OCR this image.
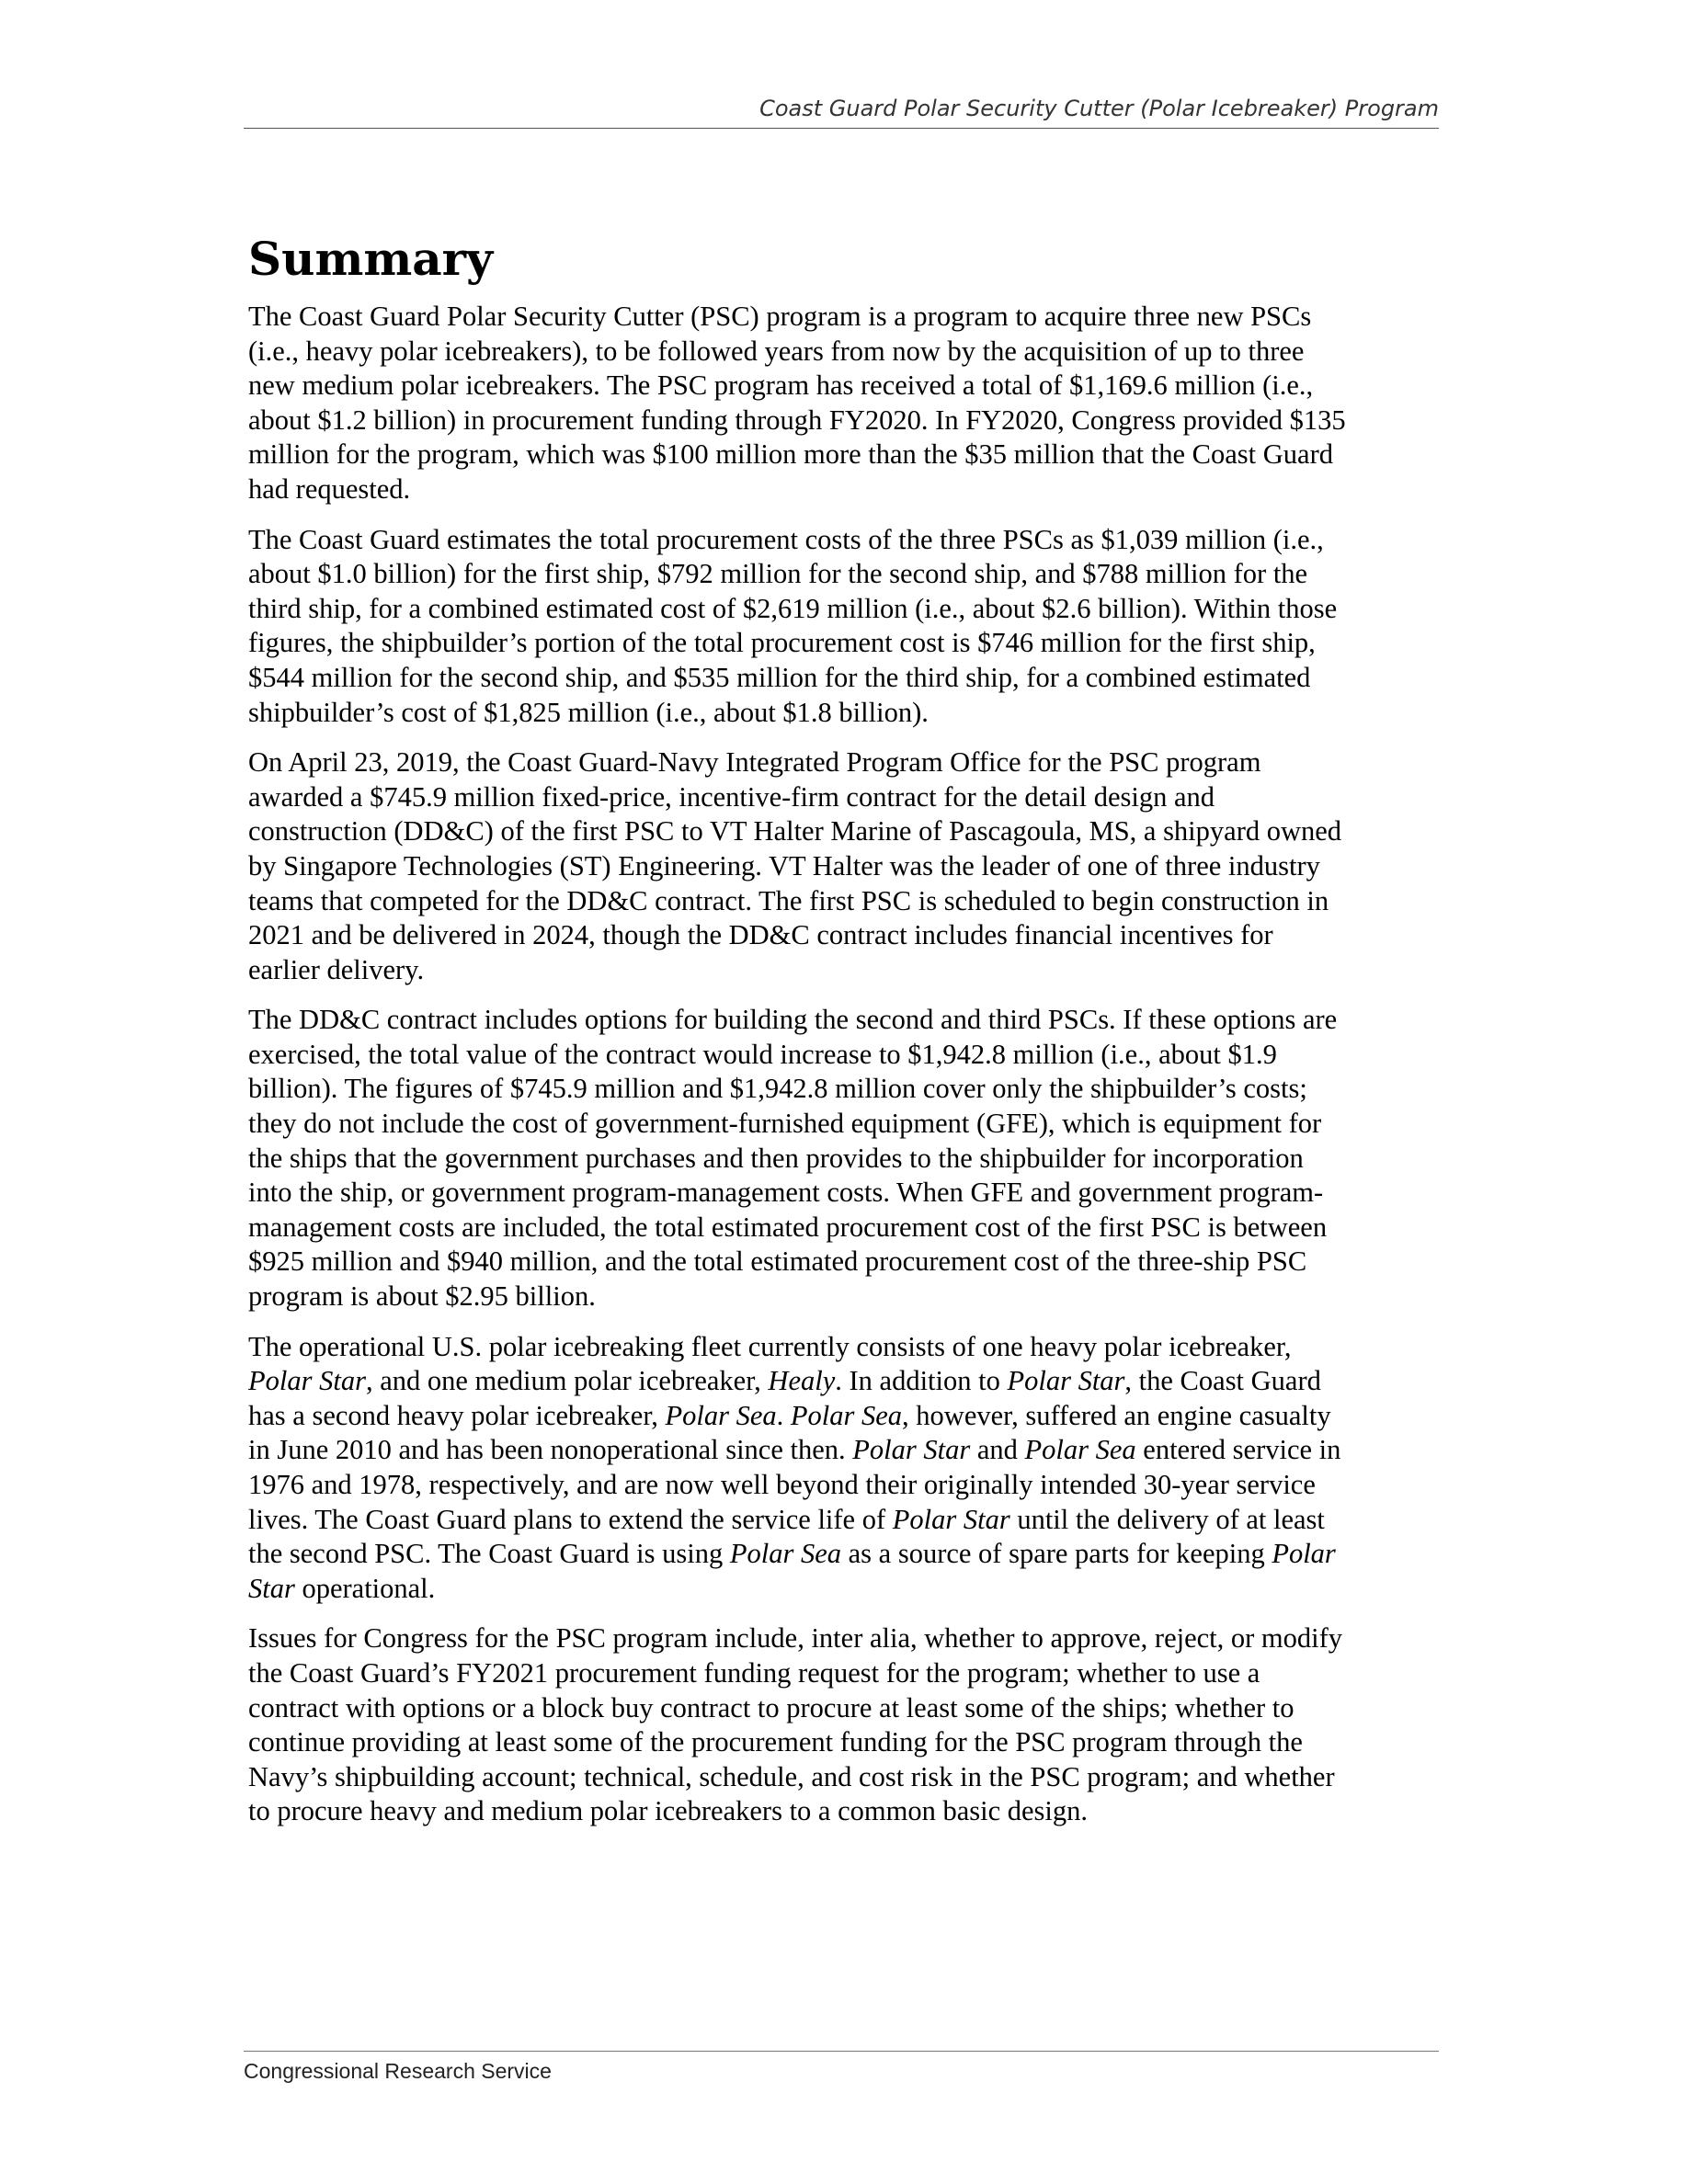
Coast Guard Polar Security Cutter (Polar Icebreaker) Program
Summary

The Coast Guard Polar Security Cutter (PSC) program is a program to acquire three new PSCs
(i.e., heavy polar icebreakers), to be followed years from now by the acquisition of up to three
new medium polar icebreakers. The PSC program has received a total of $1,169.6 million (i.e.,
about $1.2 billion) in procurement funding through FY2020. In FY2020, Congress provided $135
million for the program, which was $100 million more than the $35 million that the Coast Guard
had requested.

The Coast Guard estimates the total procurement costs of the three PSCs as $1,039 million (i.e.,
about $1.0 billion) for the first ship, $792 million for the second ship, and $788 million for the
third ship, for a combined estimated cost of $2,619 million (i.e., about $2.6 billion). Within those
figures, the shipbuilder’s portion of the total procurement cost is $746 million for the first ship,
$544 million for the second ship, and $535 million for the third ship, for a combined estimated
shipbuilder’s cost of $1,825 million (i.e., about $1.8 billion).

On April 23, 2019, the Coast Guard-Navy Integrated Program Office for the PSC program
awarded a $745.9 million fixed-price, incentive-firm contract for the detail design and
construction (DD&C) of the first PSC to VT Halter Marine of Pascagoula, MS, a shipyard owned
by Singapore Technologies (ST) Engineering. VT Halter was the leader of one of three industry
teams that competed for the DD&C contract. The first PSC is scheduled to begin construction in
2021 and be delivered in 2024, though the DD&C contract includes financial incentives for
earlier delivery.

The DD&C contract includes options for building the second and third PSCs. If these options are
exercised, the total value of the contract would increase to $1,942.8 million (i.e., about $1.9
billion). The figures of $745.9 million and $1,942.8 million cover only the shipbuilder’s costs;
they do not include the cost of government-furnished equipment (GFE), which is equipment for
the ships that the government purchases and then provides to the shipbuilder for incorporation
into the ship, or government program-management costs. When GFE and government program-
management costs are included, the total estimated procurement cost of the first PSC is between
$925 million and $940 million, and the total estimated procurement cost of the three-ship PSC
program is about $2.95 billion.

The operational U.S. polar icebreaking fleet currently consists of one heavy polar icebreaker,
Polar Star, and one medium polar icebreaker, Healy. In addition to Polar Star, the Coast Guard
has a second heavy polar icebreaker, Polar Sea. Polar Sea, however, suffered an engine casualty
in June 2010 and has been nonoperational since then. Polar Star and Polar Sea entered service in
1976 and 1978, respectively, and are now well beyond their originally intended 30-year service
lives. The Coast Guard plans to extend the service life of Polar Star until the delivery of at least
the second PSC. The Coast Guard is using Polar Sea as a source of spare parts for keeping Polar
Star operational.

Issues for Congress for the PSC program include, inter alia, whether to approve, reject, or modify
the Coast Guard’s FY2021 procurement funding request for the program; whether to use a
contract with options or a block buy contract to procure at least some of the ships; whether to
continue providing at least some of the procurement funding for the PSC program through the
Navy’s shipbuilding account; technical, schedule, and cost risk in the PSC program; and whether
to procure heavy and medium polar icebreakers to a common basic design.

Congressional Research Service
